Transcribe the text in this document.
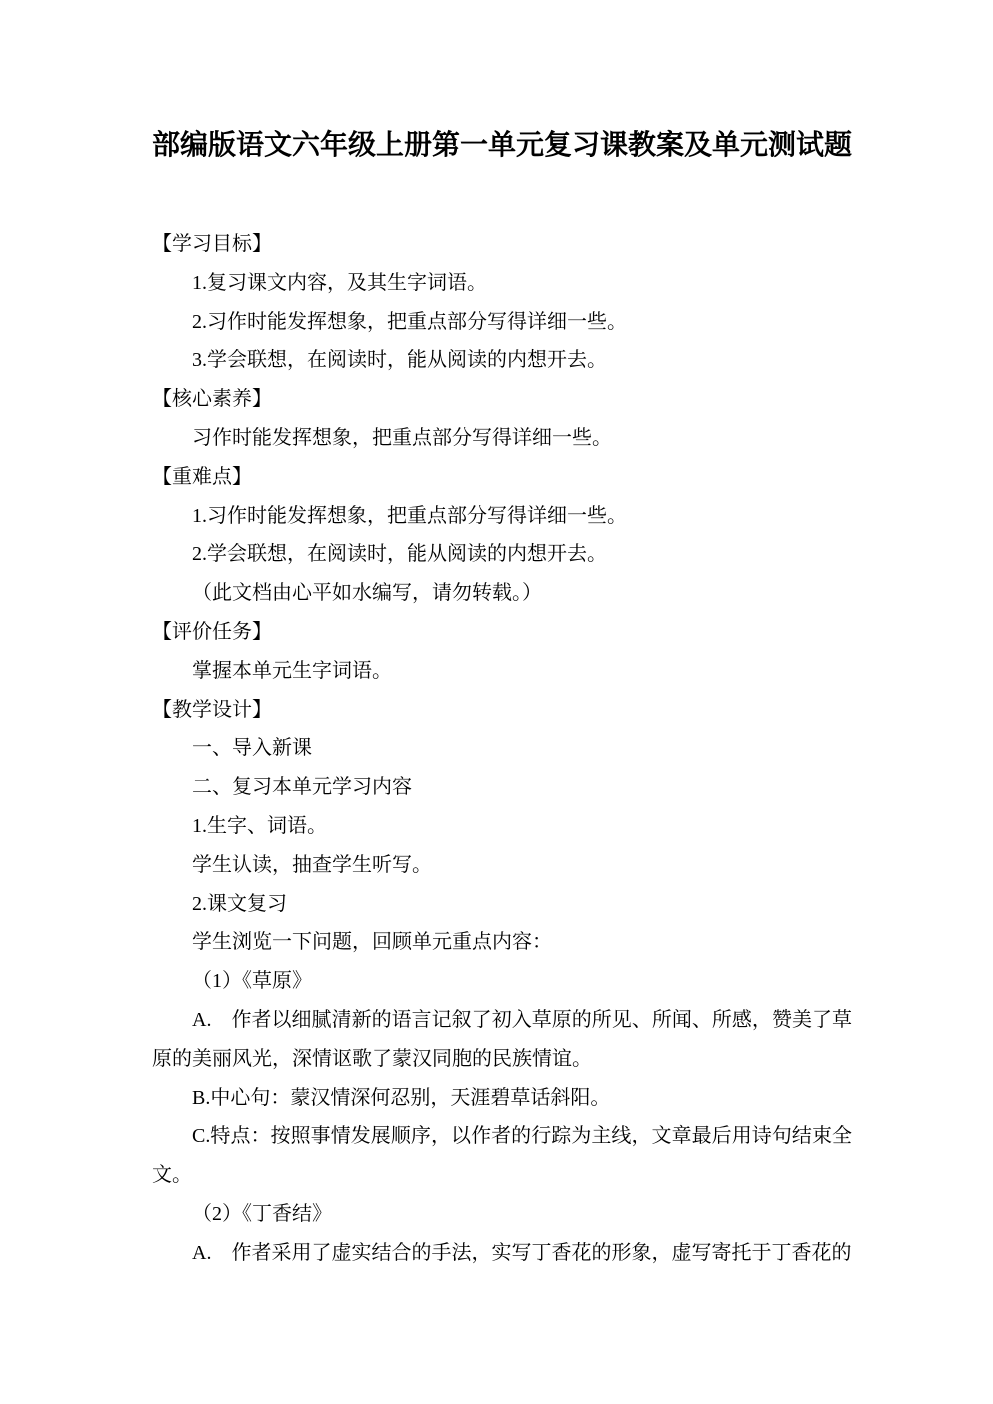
部编版语文六年级上册第一单元复习课教案及单元测试题

【学习目标】

1.复习课文内容，及其生字词语。

2.习作时能发挥想象，把重点部分写得详细一些。

3.学会联想，在阅读时，能从阅读的内想开去。

【核心素养】

习作时能发挥想象，把重点部分写得详细一些。

【重难点】

1.习作时能发挥想象，把重点部分写得详细一些。

2.学会联想，在阅读时，能从阅读的内想开去。

（此文档由心平如水编写，请勿转载。）

【评价任务】

掌握本单元生字词语。

【教学设计】

一、导入新课

二、复习本单元学习内容

1.生字、词语。

学生认读，抽查学生听写。

2.课文复习

学生浏览一下问题，回顾单元重点内容：

（1）《草原》

A.　作者以细腻清新的语言记叙了初入草原的所见、所闻、所感，赞美了草原的美丽风光，深情讴歌了蒙汉同胞的民族情谊。

B.中心句：蒙汉情深何忍别，天涯碧草话斜阳。

C.特点：按照事情发展顺序，以作者的行踪为主线，文章最后用诗句结束全文。

（2）《丁香结》

A.　作者采用了虚实结合的手法，实写丁香花的形象，虚写寄托于丁香花的
